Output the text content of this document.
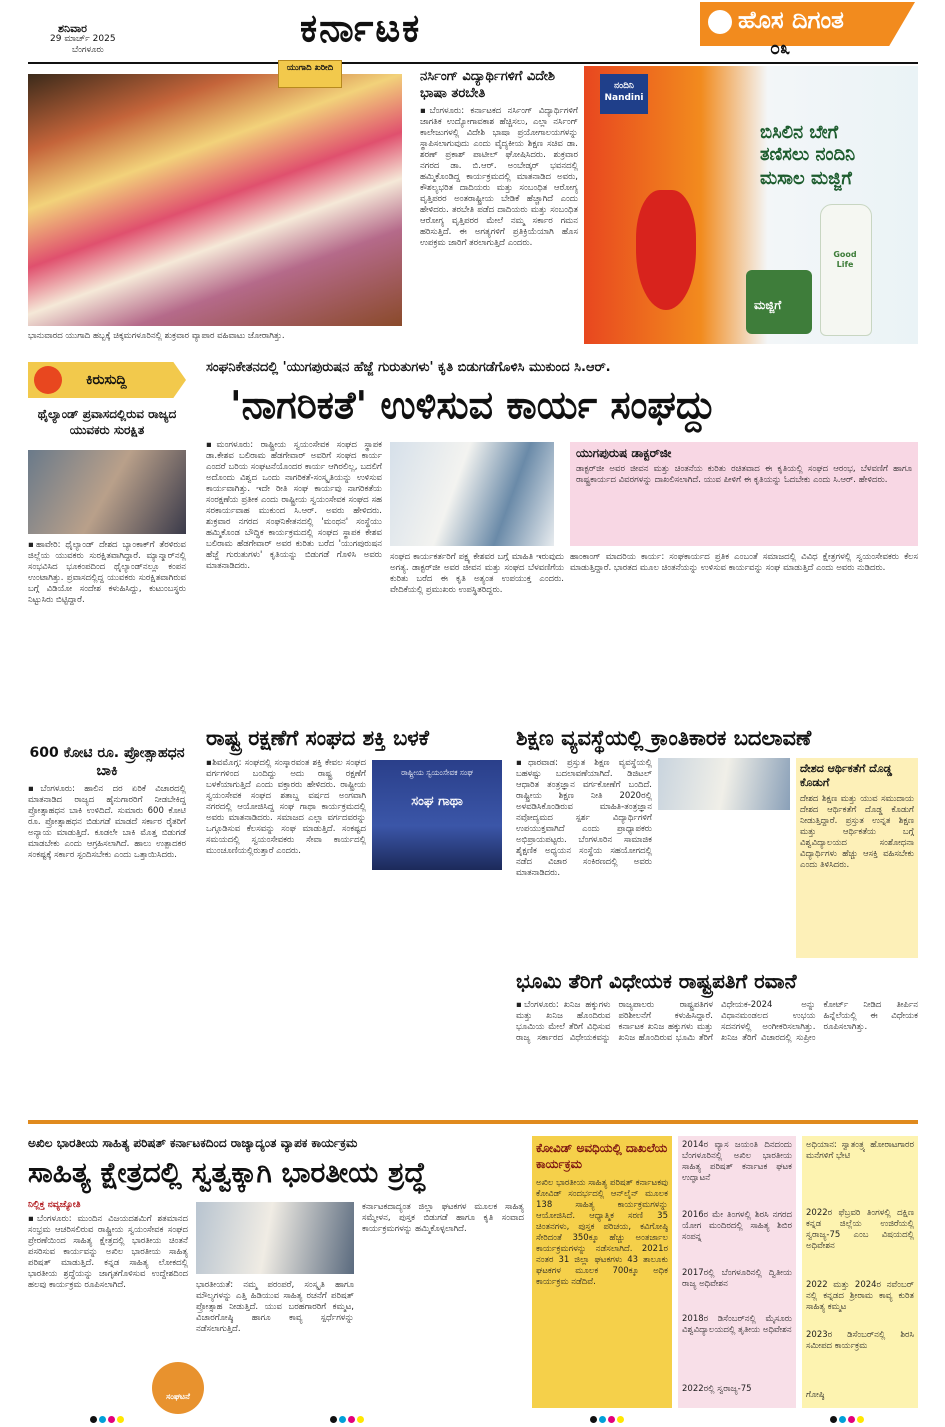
ಶನಿವಾರ
29 ಮಾರ್ಚ್ 2025
ಬೆಂಗಳೂರು	ಕರ್ನಾಟಕ	ಹೊಸ ದಿಗಂತ
೦೩
ಯುಗಾದಿ ಖರೀದಿ
ಭಾನುವಾರದ ಯುಗಾದಿ ಹಬ್ಬಕ್ಕೆ ಚಿಕ್ಕಮಗಳೂರಿನಲ್ಲಿ ಶುಕ್ರವಾರ ವ್ಯಾಪಾರ ವಹಿವಾಟು ಜೋರಾಗಿತ್ತು.
ನರ್ಸಿಂಗ್ ವಿದ್ಯಾರ್ಥಿಗಳಿಗೆ ವಿದೇಶಿ ಭಾಷಾ ತರಬೇತಿ
▪ಬೆಂಗಳೂರು: ಕರ್ನಾಟಕದ ನರ್ಸಿಂಗ್ ವಿದ್ಯಾರ್ಥಿಗಳಿಗೆ ಜಾಗತಿಕ ಉದ್ಯೋಗಾವಕಾಶ ಹೆಚ್ಚಿಸಲು, ಎಲ್ಲಾ ನರ್ಸಿಂಗ್ ಕಾಲೇಜುಗಳಲ್ಲಿ ವಿದೇಶಿ ಭಾಷಾ ಪ್ರಯೋಗಾಲಯಗಳನ್ನು ಸ್ಥಾಪಿಸಲಾಗುವುದು ಎಂದು ವೈದ್ಯಕೀಯ ಶಿಕ್ಷಣ ಸಚಿವ ಡಾ. ಶರಣ್ ಪ್ರಕಾಶ್ ಪಾಟೀಲ್ ಘೋಷಿಸಿದರು. ಶುಕ್ರವಾರ ನಗರದ ಡಾ. ಬಿ.ಆರ್. ಅಂಬೇಡ್ಕರ್ ಭವನದಲ್ಲಿ ಹಮ್ಮಿಕೊಂಡಿದ್ದ ಕಾರ್ಯಕ್ರಮದಲ್ಲಿ ಮಾತನಾಡಿದ ಅವರು, ಕೌಶಲ್ಯಭರಿತ ದಾದಿಯರು ಮತ್ತು ಸಂಬಂಧಿತ ಆರೋಗ್ಯ ವೃತ್ತಿಪರರ ಅಂತರಾಷ್ಟ್ರೀಯ ಬೇಡಿಕೆ ಹೆಚ್ಚಾಗಿದೆ ಎಂದು ಹೇಳಿದರು. ತರಬೇತಿ ಪಡೆದ ದಾದಿಯರು ಮತ್ತು ಸಂಬಂಧಿತ ಆರೋಗ್ಯ ವೃತ್ತಿಪರರ ಮೇಲೆ ನಮ್ಮ ಸರ್ಕಾರ ಗಮನ ಹರಿಸುತ್ತಿದೆ. ಈ ಅಗತ್ಯಗಳಿಗೆ ಪ್ರತಿಕ್ರಿಯೆಯಾಗಿ ಹೊಸ ಉಪಕ್ರಮ ಜಾರಿಗೆ ತರಲಾಗುತ್ತಿದೆ ಎಂದರು.
ನಂದಿನಿ Nandini
ಬಿಸಿಲಿನ ಬೇಗೆ
ತಣಿಸಲು ನಂದಿನಿ
ಮಸಾಲ ಮಜ್ಜಿಗೆ
ಮಜ್ಜಿಗೆ
Good Life
ಕಿರುಸುದ್ದಿ
ಥೈಲ್ಯಾಂಡ್ ಪ್ರವಾಸದಲ್ಲಿರುವ ರಾಜ್ಯದ ಯುವಕರು ಸುರಕ್ಷಿತ
▪ಹಾವೇರಿ: ಥೈಲ್ಯಾಂಡ್ ದೇಶದ ಬ್ಯಾಂಕಾಕ್‌ಗೆ ತೆರಳಿರುವ ಜಿಲ್ಲೆಯ ಯುವಕರು ಸುರಕ್ಷಿತವಾಗಿದ್ದಾರೆ. ಮ್ಯಾನ್ಮಾರ್‌ನಲ್ಲಿ ಸಂಭವಿಸಿದ ಭೂಕಂಪದಿಂದ ಥೈಲ್ಯಾಂಡ್‌ನಲ್ಲೂ ಕಂಪನ ಉಂಟಾಗಿತ್ತು. ಪ್ರವಾಸದಲ್ಲಿದ್ದ ಯುವಕರು ಸುರಕ್ಷಿತವಾಗಿರುವ ಬಗ್ಗೆ ವಿಡಿಯೋ ಸಂದೇಶ ಕಳುಹಿಸಿದ್ದು, ಕುಟುಂಬಸ್ಥರು ನಿಟ್ಟುಸಿರು ಬಿಟ್ಟಿದ್ದಾರೆ.
600 ಕೋಟಿ ರೂ. ಪ್ರೋತ್ಸಾಹಧನ ಬಾಕಿ
▪ಬೆಂಗಳೂರು: ಹಾಲಿನ ದರ ಏರಿಕೆ ವಿಚಾರದಲ್ಲಿ ಮಾತನಾಡಿದ ರಾಜ್ಯದ ಹೈನುಗಾರರಿಗೆ ನೀಡಬೇಕಿದ್ದ ಪ್ರೋತ್ಸಾಹಧನ ಬಾಕಿ ಉಳಿದಿದೆ. ಸುಮಾರು 600 ಕೋಟಿ ರೂ. ಪ್ರೋತ್ಸಾಹಧನ ಬಿಡುಗಡೆ ಮಾಡದೆ ಸರ್ಕಾರ ರೈತರಿಗೆ ಅನ್ಯಾಯ ಮಾಡುತ್ತಿದೆ. ಕೂಡಲೇ ಬಾಕಿ ಮೊತ್ತ ಬಿಡುಗಡೆ ಮಾಡಬೇಕು ಎಂದು ಆಗ್ರಹಿಸಲಾಗಿದೆ. ಹಾಲು ಉತ್ಪಾದಕರ ಸಂಕಷ್ಟಕ್ಕೆ ಸರ್ಕಾರ ಸ್ಪಂದಿಸಬೇಕು ಎಂದು ಒತ್ತಾಯಿಸಿದರು.
ಸಂಘನಿಕೇತನದಲ್ಲಿ 'ಯುಗಪುರುಷನ ಹೆಜ್ಜೆ ಗುರುತುಗಳು' ಕೃತಿ ಬಿಡುಗಡೆಗೊಳಿಸಿ ಮುಕುಂದ ಸಿ.ಆರ್.
'ನಾಗರಿಕತೆ' ಉಳಿಸುವ ಕಾರ್ಯ ಸಂಘದ್ದು
▪ಮಂಗಳೂರು: ರಾಷ್ಟ್ರೀಯ ಸ್ವಯಂಸೇವಕ ಸಂಘದ ಸ್ಥಾಪಕ ಡಾ.ಕೇಶವ ಬಲಿರಾಮ ಹೆಡಗೇವಾರ್ ಅವರಿಗೆ ಸಂಘದ ಕಾರ್ಯ ಎಂದರೆ ಬರಿಯ ಸಂಘಟನೆಯೊಂದರ ಕಾರ್ಯ ಆಗಿರಲಿಲ್ಲ, ಬದಲಿಗೆ ಅದೊಂದು ವಿಶ್ವದ ಒಂದು ನಾಗರಿಕತೆ-ಸಂಸ್ಕೃತಿಯನ್ನು ಉಳಿಸುವ ಕಾರ್ಯವಾಗಿತ್ತು. ಇದೇ ರೀತಿ ಸಂಘ ಕಾರ್ಯವು ನಾಗರಿಕತೆಯ ಸಂರಕ್ಷಣೆಯ ಪ್ರತೀಕ ಎಂದು ರಾಷ್ಟ್ರೀಯ ಸ್ವಯಂಸೇವಕ ಸಂಘದ ಸಹ ಸರಕಾರ್ಯವಾಹ ಮುಕುಂದ ಸಿ.ಆರ್. ಅವರು ಹೇಳಿದರು. ಶುಕ್ರವಾರ ನಗರದ ಸಂಘನಿಕೇತನದಲ್ಲಿ 'ಮಂಥನ' ಸಂಸ್ಥೆಯು ಹಮ್ಮಿಕೊಂಡ ಬೌದ್ಧಿಕ ಕಾರ್ಯಕ್ರಮದಲ್ಲಿ ಸಂಘದ ಸ್ಥಾಪಕ ಕೇಶವ ಬಲಿರಾಮ ಹೆಡಗೇವಾರ್ ಅವರ ಕುರಿತು ಬರೆದ 'ಯುಗಪುರುಷನ ಹೆಜ್ಜೆ ಗುರುತುಗಳು' ಕೃತಿಯನ್ನು ಬಿಡುಗಡೆ ಗೊಳಿಸಿ ಅವರು ಮಾತನಾಡಿದರು.
ಸಂಘದ ಕಾರ್ಯಕರ್ತರಿಗೆ ಪಕ್ಷ್ಯ ಕೇಶವರ ಬಗ್ಗೆ ಮಾಹಿತಿ ಇರುವುದು ಅಗತ್ಯ. ಡಾಕ್ಟರ್‌ಜೀ ಅವರ ಜೀವನ ಮತ್ತು ಸಂಘದ ಬೆಳವಣಿಗೆಯ ಕುರಿತು ಬರೆದ ಈ ಕೃತಿ ಅತ್ಯಂತ ಉಪಯುಕ್ತ ಎಂದರು. ವೇದಿಕೆಯಲ್ಲಿ ಪ್ರಮುಖರು ಉಪಸ್ಥಿತರಿದ್ದರು.
ಯುಗಪುರುಷ ಡಾಕ್ಟರ್‌ಜೀ
ಡಾಕ್ಟರ್‌ಜೀ ಅವರ ಜೀವನ ಮತ್ತು ಚಿಂತನೆಯ ಕುರಿತು ರಚಿತವಾದ ಈ ಕೃತಿಯಲ್ಲಿ ಸಂಘದ ಆರಂಭ, ಬೆಳವಣಿಗೆ ಹಾಗೂ ರಾಷ್ಟ್ರಕಾರ್ಯದ ವಿವರಗಳನ್ನು ದಾಖಲಿಸಲಾಗಿದೆ. ಯುವ ಪೀಳಿಗೆ ಈ ಕೃತಿಯನ್ನು ಓದಬೇಕು ಎಂದು ಸಿ.ಆರ್. ಹೇಳಿದರು.
ಹಾಂಕಾಂಗ್ ಮಾದರಿಯ ಕಾರ್ಯ: ಸಂಘಕಾರ್ಯದ ಪ್ರತಿಕ ಎಂಬಂತೆ ಸಮಾಜದಲ್ಲಿ ವಿವಿಧ ಕ್ಷೇತ್ರಗಳಲ್ಲಿ ಸ್ವಯಂಸೇವಕರು ಕೆಲಸ ಮಾಡುತ್ತಿದ್ದಾರೆ. ಭಾರತದ ಮೂಲ ಚಿಂತನೆಯನ್ನು ಉಳಿಸುವ ಕಾರ್ಯವನ್ನು ಸಂಘ ಮಾಡುತ್ತಿದೆ ಎಂದು ಅವರು ನುಡಿದರು.
ರಾಷ್ಟ್ರ ರಕ್ಷಣೆಗೆ ಸಂಘದ ಶಕ್ತಿ ಬಳಕೆ
▪ಶಿವಮೊಗ್ಗ: ಸಂಘದಲ್ಲಿ ಸಂಸ್ಕಾರವಂತ ಶಕ್ತಿ ಕೇವಲ ಸಂಘದ ವರ್ಗಗಳಿಂದ ಬಂದಿದ್ದು ಅದು ರಾಷ್ಟ್ರ ರಕ್ಷಣೆಗೆ ಬಳಕೆಯಾಗುತ್ತಿದೆ ಎಂದು ವಕ್ತಾರರು ಹೇಳಿದರು. ರಾಷ್ಟ್ರೀಯ ಸ್ವಯಂಸೇವಕ ಸಂಘದ ಶತಾಬ್ದ ವರ್ಷದ ಅಂಗವಾಗಿ ನಗರದಲ್ಲಿ ಆಯೋಜಿಸಿದ್ದ ಸಂಘ ಗಾಥಾ ಕಾರ್ಯಕ್ರಮದಲ್ಲಿ ಅವರು ಮಾತನಾಡಿದರು. ಸಮಾಜದ ಎಲ್ಲಾ ವರ್ಗದವರನ್ನು ಒಗ್ಗೂಡಿಸುವ ಕೆಲಸವನ್ನು ಸಂಘ ಮಾಡುತ್ತಿದೆ. ಸಂಕಷ್ಟದ ಸಮಯದಲ್ಲಿ ಸ್ವಯಂಸೇವಕರು ಸೇವಾ ಕಾರ್ಯದಲ್ಲಿ ಮುಂಚೂಣಿಯಲ್ಲಿರುತ್ತಾರೆ ಎಂದರು.
ರಾಷ್ಟ್ರೀಯ ಸ್ವಯಂಸೇವಕ ಸಂಘ
ಸಂಘ ಗಾಥಾ
ಶಿಕ್ಷಣ ವ್ಯವಸ್ಥೆಯಲ್ಲಿ ಕ್ರಾಂತಿಕಾರಕ ಬದಲಾವಣೆ
▪ಧಾರವಾಡ: ಪ್ರಸ್ತುತ ಶಿಕ್ಷಣ ವ್ಯವಸ್ಥೆಯಲ್ಲಿ ಬಹಳಷ್ಟು ಬದಲಾವಣೆಯಾಗಿದೆ. ಡಿಜಿಟಲ್ ಆಧಾರಿತ ತಂತ್ರಜ್ಞಾನ ವರ್ಗಕೋಣೆಗೆ ಬಂದಿದೆ. ರಾಷ್ಟ್ರೀಯ ಶಿಕ್ಷಣ ನೀತಿ 2020ರಲ್ಲಿ ಅಳವಡಿಸಿಕೊಂಡಿರುವ ಮಾಹಿತಿ-ತಂತ್ರಜ್ಞಾನ ನವೋದ್ಯಮದ ಸ್ಪರ್ಶ ವಿದ್ಯಾರ್ಥಿಗಳಿಗೆ ಉಪಯುಕ್ತವಾಗಿದೆ ಎಂದು ಪ್ರಾಧ್ಯಾಪಕರು ಅಭಿಪ್ರಾಯಪಟ್ಟರು. ಬೆಂಗಳೂರಿನ ಸಾಮಾಜಿಕ ಶೈಕ್ಷಣಿಕ ಅಧ್ಯಯನ ಸಂಸ್ಥೆಯ ಸಹಯೋಗದಲ್ಲಿ ನಡೆದ ವಿಚಾರ ಸಂಕಿರಣದಲ್ಲಿ ಅವರು ಮಾತನಾಡಿದರು.
ದೇಶದ ಆರ್ಥಿಕತೆಗೆ ದೊಡ್ಡ ಕೊಡುಗೆ
ದೇಶದ ಶಿಕ್ಷಣ ಮತ್ತು ಯುವ ಸಮುದಾಯ ದೇಶದ ಆರ್ಥಿಕತೆಗೆ ದೊಡ್ಡ ಕೊಡುಗೆ ನೀಡುತ್ತಿದ್ದಾರೆ. ಪ್ರಸ್ತುತ ಉನ್ನತ ಶಿಕ್ಷಣ ಮತ್ತು ಆರ್ಥಿಕತೆಯ ಬಗ್ಗೆ ವಿಶ್ವವಿದ್ಯಾಲಯದ ಸಂಶೋಧನಾ ವಿದ್ಯಾರ್ಥಿಗಳು ಹೆಚ್ಚು ಆಸಕ್ತಿ ವಹಿಸಬೇಕು ಎಂದು ತಿಳಿಸಿದರು.
ಭೂಮಿ ತೆರಿಗೆ ವಿಧೇಯಕ ರಾಷ್ಟ್ರಪತಿಗೆ ರವಾನೆ
▪ಬೆಂಗಳೂರು: ಖನಿಜ ಹಕ್ಕುಗಳು ಮತ್ತು ಖನಿಜ ಹೊಂದಿರುವ ಭೂಮಿಯ ಮೇಲೆ ತೆರಿಗೆ ವಿಧಿಸುವ ರಾಜ್ಯ ಸರ್ಕಾರದ ವಿಧೇಯಕವನ್ನು ರಾಜ್ಯಪಾಲರು ರಾಷ್ಟ್ರಪತಿಗಳ ಪರಿಶೀಲನೆಗೆ ಕಳುಹಿಸಿದ್ದಾರೆ. ಕರ್ನಾಟಕ ಖನಿಜ ಹಕ್ಕುಗಳು ಮತ್ತು ಖನಿಜ ಹೊಂದಿರುವ ಭೂಮಿ ತೆರಿಗೆ ವಿಧೇಯಕ-2024 ಅನ್ನು ವಿಧಾನಮಂಡಲದ ಉಭಯ ಸದನಗಳಲ್ಲಿ ಅಂಗೀಕರಿಸಲಾಗಿತ್ತು. ಖನಿಜ ತೆರಿಗೆ ವಿಚಾರದಲ್ಲಿ ಸುಪ್ರೀಂ ಕೋರ್ಟ್ ನೀಡಿದ ತೀರ್ಪಿನ ಹಿನ್ನೆಲೆಯಲ್ಲಿ ಈ ವಿಧೇಯಕ ರೂಪಿಸಲಾಗಿತ್ತು.
ಅಖಿಲ ಭಾರತೀಯ ಸಾಹಿತ್ಯ ಪರಿಷತ್ ಕರ್ನಾಟಕದಿಂದ ರಾಜ್ಯಾದ್ಯಂತ ವ್ಯಾಪಕ ಕಾರ್ಯಕ್ರಮ
ಸಾಹಿತ್ಯ ಕ್ಷೇತ್ರದಲ್ಲಿ ಸ್ವತ್ವಕ್ಕಾಗಿ ಭಾರತೀಯ ಶ್ರದ್ಧೆ
ನಿಲ್ಲಿಕ್ತ ನವ್ಯಜ್ಯೋತಿ
▪ಬೆಂಗಳೂರು: ಮುಂದಿನ ವಿಜಯದಶಮಿಗೆ ಶತಮಾನದ ಸಂಭ್ರಮ ಆಚರಿಸಲಿರುವ ರಾಷ್ಟ್ರೀಯ ಸ್ವಯಂಸೇವಕ ಸಂಘದ ಪ್ರೇರಣೆಯಿಂದ ಸಾಹಿತ್ಯ ಕ್ಷೇತ್ರದಲ್ಲಿ ಭಾರತೀಯ ಚಿಂತನೆ ಪಸರಿಸುವ ಕಾರ್ಯವನ್ನು ಅಖಿಲ ಭಾರತೀಯ ಸಾಹಿತ್ಯ ಪರಿಷತ್ ಮಾಡುತ್ತಿದೆ. ಕನ್ನಡ ಸಾಹಿತ್ಯ ಲೋಕದಲ್ಲಿ ಭಾರತೀಯ ಶ್ರದ್ಧೆಯನ್ನು ಜಾಗೃತಗೊಳಿಸುವ ಉದ್ದೇಶದಿಂದ ಹಲವು ಕಾರ್ಯಕ್ರಮ ರೂಪಿಸಲಾಗಿದೆ.	ಭಾರತೀಯತೆ: ನಮ್ಮ ಪರಂಪರೆ, ಸಂಸ್ಕೃತಿ ಹಾಗೂ ಮೌಲ್ಯಗಳನ್ನು ಎತ್ತಿ ಹಿಡಿಯುವ ಸಾಹಿತ್ಯ ರಚನೆಗೆ ಪರಿಷತ್ ಪ್ರೋತ್ಸಾಹ ನೀಡುತ್ತಿದೆ. ಯುವ ಬರಹಗಾರರಿಗೆ ಕಮ್ಮಟ, ವಿಚಾರಗೋಷ್ಠಿ ಹಾಗೂ ಕಾವ್ಯ ಸ್ಪರ್ಧೆಗಳನ್ನು ನಡೆಸಲಾಗುತ್ತಿದೆ.
ಕರ್ನಾಟಕದಾದ್ಯಂತ ಜಿಲ್ಲಾ ಘಟಕಗಳ ಮೂಲಕ ಸಾಹಿತ್ಯ ಸಮ್ಮೇಳನ, ಪುಸ್ತಕ ಬಿಡುಗಡೆ ಹಾಗೂ ಕೃತಿ ಸಂವಾದ ಕಾರ್ಯಕ್ರಮಗಳನ್ನು ಹಮ್ಮಿಕೊಳ್ಳಲಾಗಿದೆ.
ಸಂಘಟನೆ
ಕೋವಿಡ್ ಅವಧಿಯಲ್ಲಿ ದಾಖಲೆಯ ಕಾರ್ಯಕ್ರಮ
ಅಖಿಲ ಭಾರತೀಯ ಸಾಹಿತ್ಯ ಪರಿಷತ್ ಕರ್ನಾಟಕವು ಕೋವಿಡ್ ಸಂದರ್ಭದಲ್ಲಿ ಆನ್‌ಲೈನ್ ಮೂಲಕ 138 ಸಾಹಿತ್ಯ ಕಾರ್ಯಕ್ರಮಗಳನ್ನು ಆಯೋಜಿಸಿದೆ. ಆಧ್ಯಾತ್ಮಿಕ ಸರಣಿ 35 ಚಿಂತನಗಳು, ಪುಸ್ತಕ ಪರಿಚಯ, ಕವಿಗೋಷ್ಠಿ ಸೇರಿದಂತೆ 350ಕ್ಕೂ ಹೆಚ್ಚು ಅಂತರ್ಜಾಲ ಕಾರ್ಯಕ್ರಮಗಳನ್ನು ನಡೆಸಲಾಗಿದೆ. 2021ರ ನಂತರ 31 ಜಿಲ್ಲಾ ಘಟಕಗಳು 43 ತಾಲೂಕು ಘಟಕಗಳ ಮೂಲಕ 700ಕ್ಕೂ ಅಧಿಕ ಕಾರ್ಯಕ್ರಮ ನಡೆದಿವೆ.
2014ರ ವ್ಯಾಸ ಜಯಂತಿ ದಿನದಂದು ಬೆಂಗಳೂರಿನಲ್ಲಿ ಅಖಿಲ ಭಾರತೀಯ ಸಾಹಿತ್ಯ ಪರಿಷತ್ ಕರ್ನಾಟಕ ಘಟಕ ಉದ್ಘಾಟನೆ
2016ರ ಮೇ ತಿಂಗಳಲ್ಲಿ ಶಿರಸಿ ನಗರದ ಯೋಗ ಮಂದಿರದಲ್ಲಿ ಸಾಹಿತ್ಯ ಶಿಬಿರ ಸಂಪನ್ನ
2017ರಲ್ಲಿ ಬೆಂಗಳೂರಿನಲ್ಲಿ ದ್ವಿತೀಯ ರಾಜ್ಯ ಅಧಿವೇಶನ
2018ರ ಡಿಸೆಂಬರ್‌ನಲ್ಲಿ ಮೈಸೂರು ವಿಶ್ವವಿದ್ಯಾಲಯದಲ್ಲಿ ತೃತೀಯ ಅಧಿವೇಶನ
2022ರಲ್ಲಿ ಸ್ವರಾಜ್ಯ-75
ಅಧಿಯಾನ: ಸ್ವಾತಂತ್ರ್ಯ ಹೋರಾಟಗಾರರ ಮನೆಗಳಿಗೆ ಭೇಟಿ
2022ರ ಫೆಬ್ರವರಿ ತಿಂಗಳಲ್ಲಿ ದಕ್ಷಿಣ ಕನ್ನಡ ಜಿಲ್ಲೆಯ ಉಜಿರೆಯಲ್ಲಿ ಸ್ವರಾಜ್ಯ-75 ಎಂಬ ವಿಷಯದಲ್ಲಿ ಅಧಿವೇಶನ
2022 ಮತ್ತು 2024ರ ನವೆಂಬರ್ ನಲ್ಲಿ ಕನ್ನಡದ ಶ್ರೀರಾಮ ಕಾವ್ಯ ಕುರಿತ ಸಾಹಿತ್ಯ ಕಮ್ಮಟ
2023ರ ಡಿಸೆಂಬರ್‌ನಲ್ಲಿ ಶಿರಸಿ ಸಮೀಪದ ಕಾರ್ಯಕ್ರಮ
ಗೋಷ್ಠಿ
